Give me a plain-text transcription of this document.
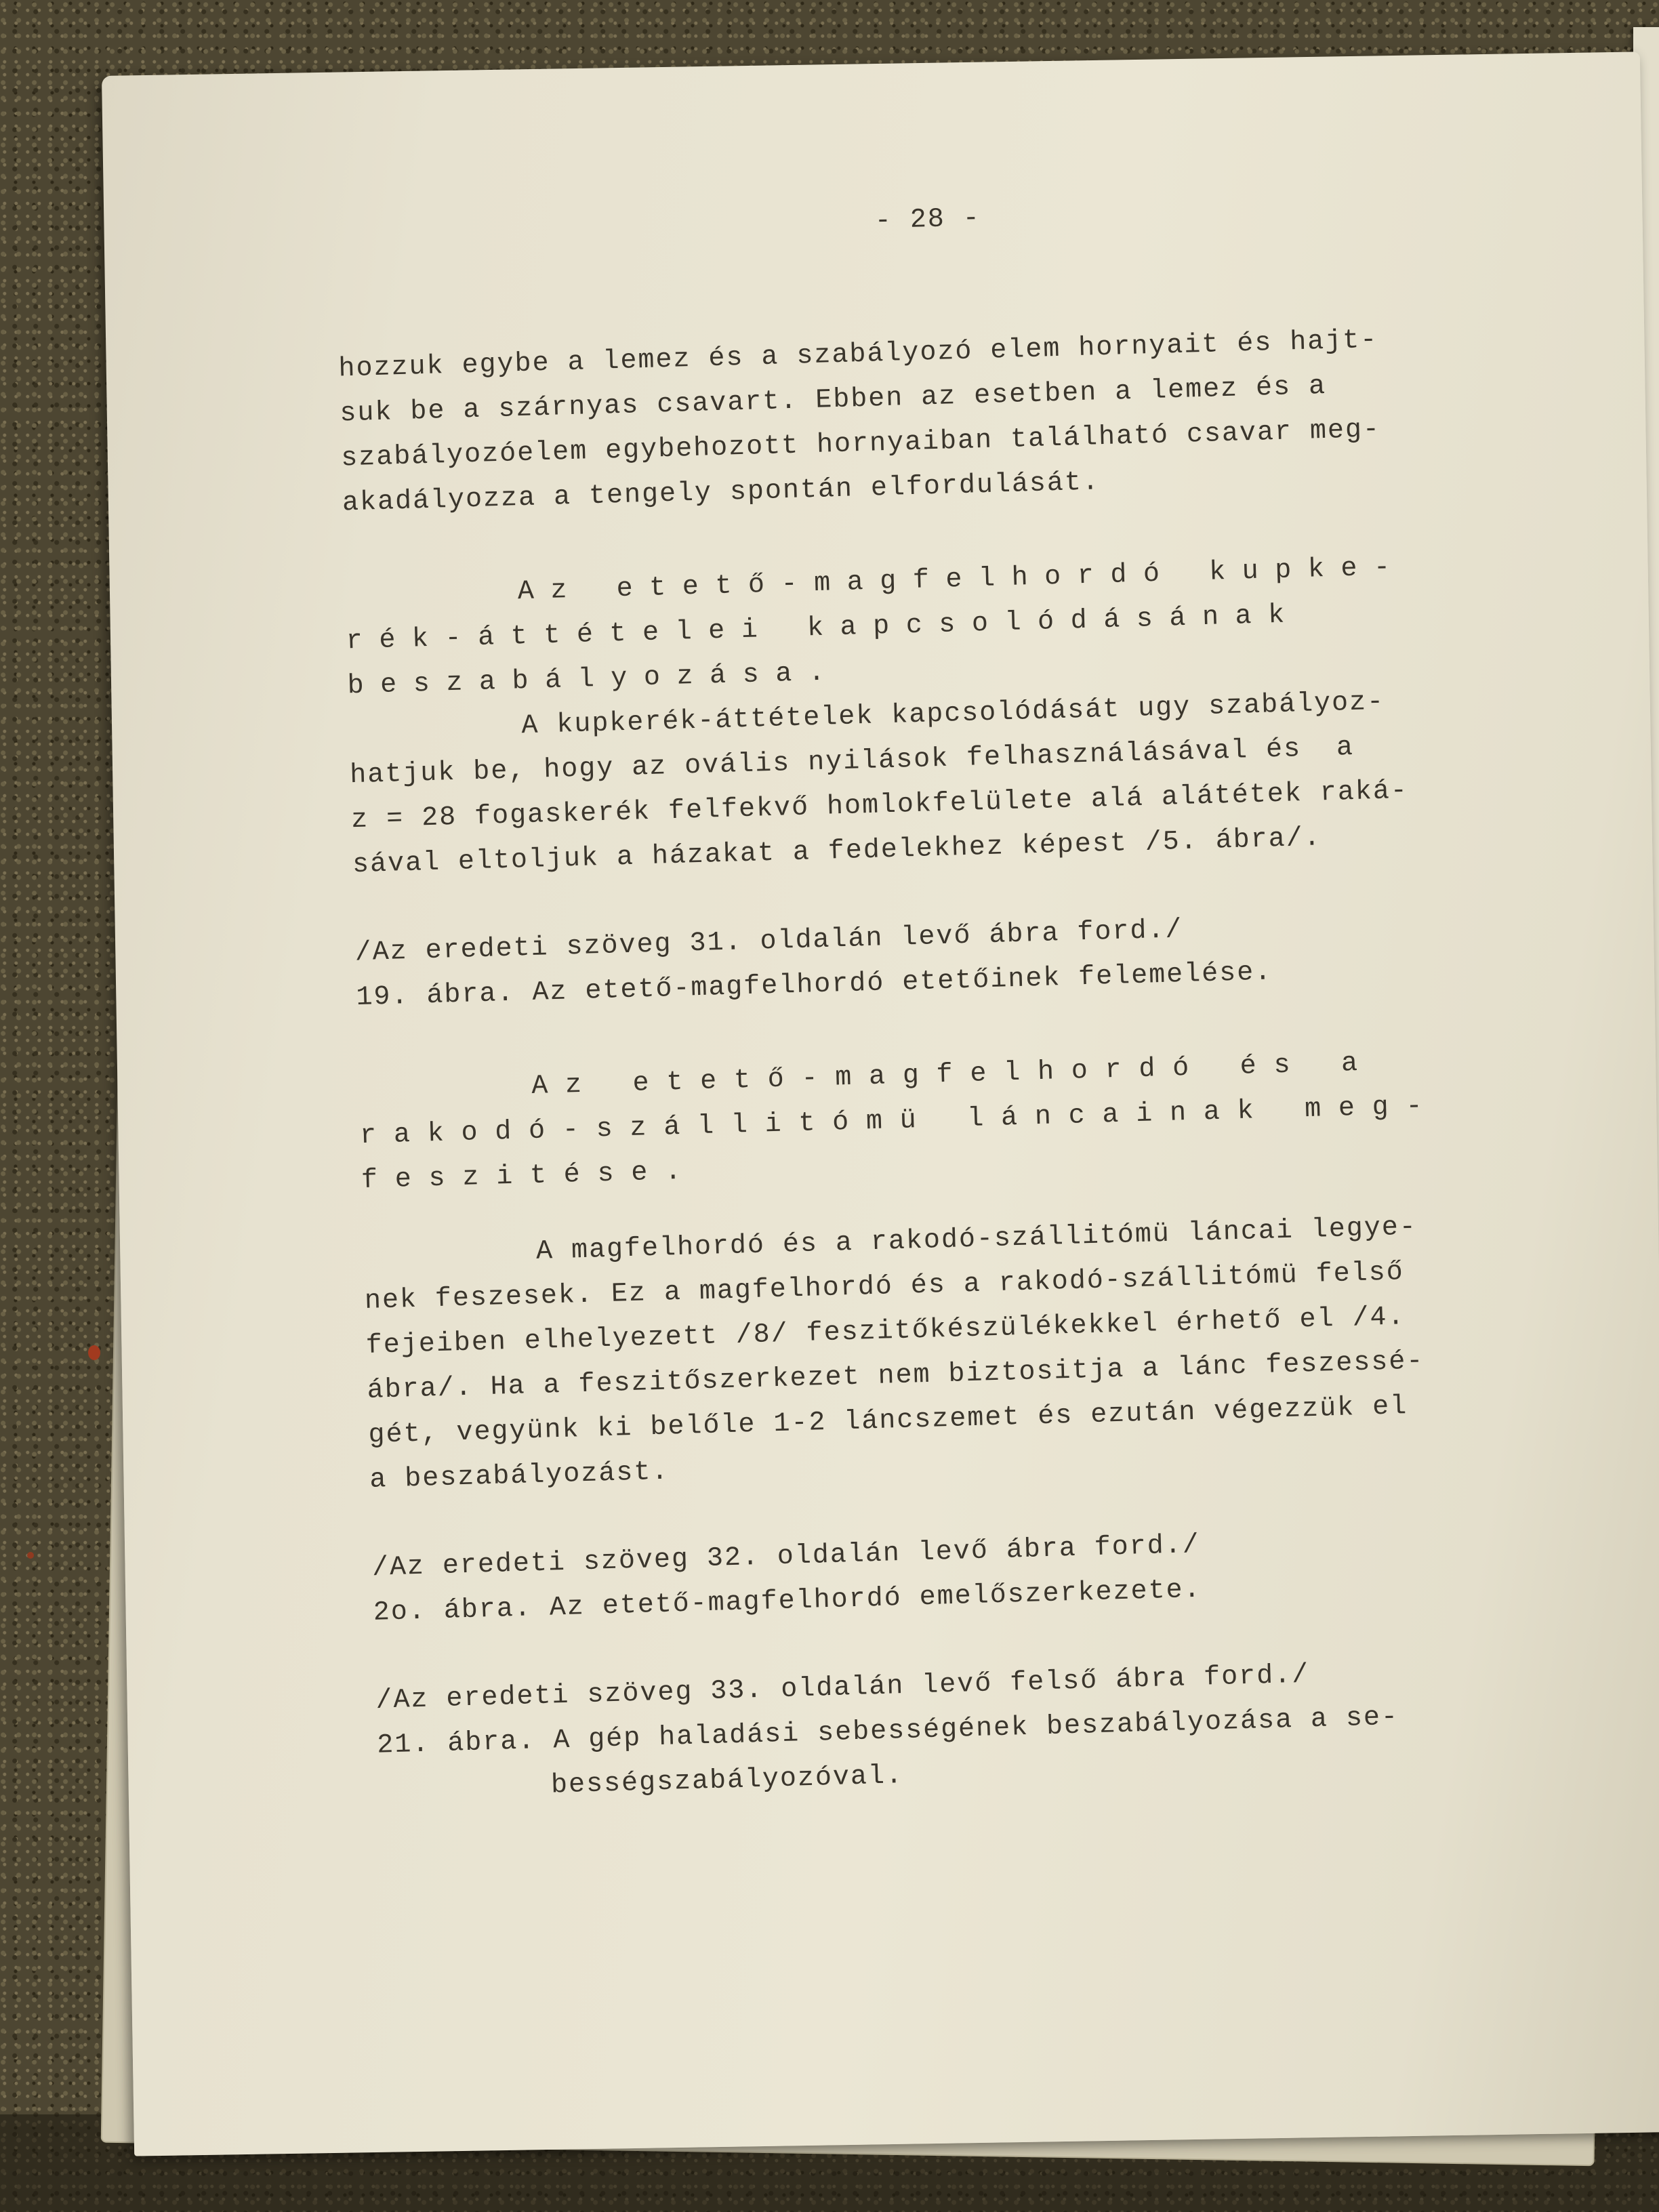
- 28 -
hozzuk egybe a lemez és a szabályozó elem hornyait és hajt-
suk be a szárnyas csavart. Ebben az esetben a lemez és a
szabályozóelem egybehozott hornyaiban található csavar meg-
akadályozza a tengely spontán elfordulását.
Az etető-magfelhordó kupke-
rék-áttételei kapcsolódásának
beszabályozása.
A kupkerék-áttételek kapcsolódását ugy szabályoz-
hatjuk be, hogy az ovális nyilások felhasználásával és  a
z = 28 fogaskerék felfekvő homlokfelülete alá alátétek raká-
sával eltoljuk a házakat a fedelekhez képest /5. ábra/.
/Az eredeti szöveg 31. oldalán levő ábra ford./
19. ábra. Az etető-magfelhordó etetőinek felemelése.
Az etető-magfelhordó és a
rakodó-szállitómü láncainak meg-
feszitése.
A magfelhordó és a rakodó-szállitómü láncai legye-
nek feszesek. Ez a magfelhordó és a rakodó-szállitómü felső
fejeiben elhelyezett /8/ feszitőkészülékekkel érhető el /4.
ábra/. Ha a feszitőszerkezet nem biztositja a lánc feszessé-
gét, vegyünk ki belőle 1-2 láncszemet és ezután végezzük el
a beszabályozást.
/Az eredeti szöveg 32. oldalán levő ábra ford./
2o. ábra. Az etető-magfelhordó emelőszerkezete.
/Az eredeti szöveg 33. oldalán levő felső ábra ford./
21. ábra. A gép haladási sebességének beszabályozása a se-
bességszabályozóval.
